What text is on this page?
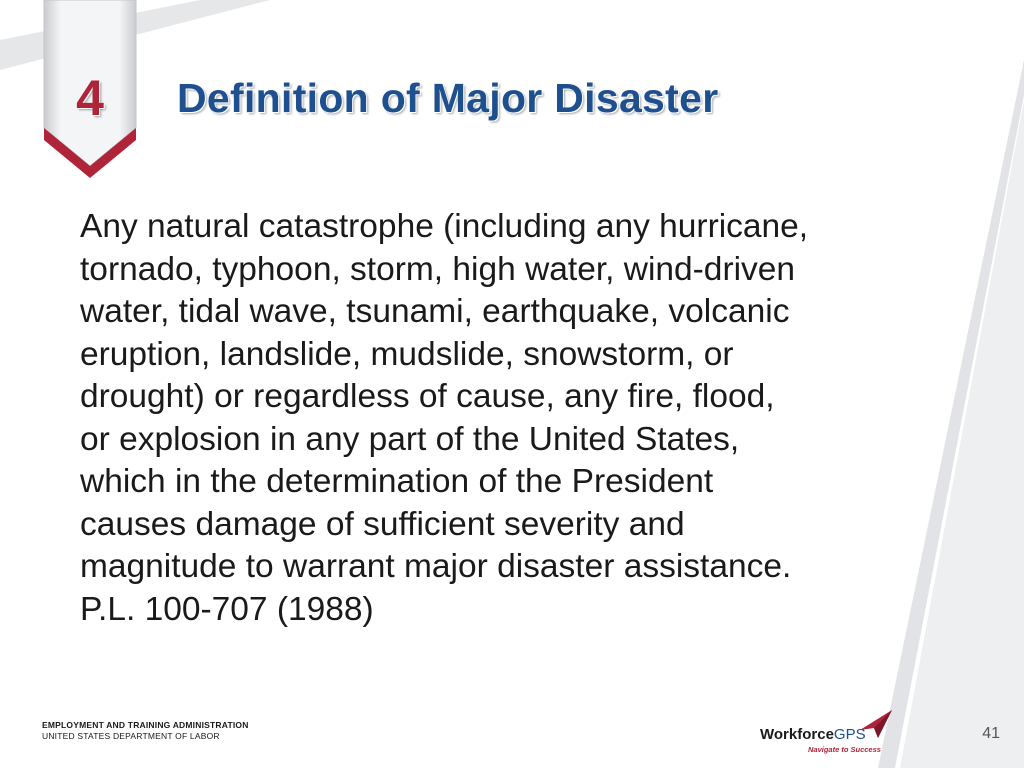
4	Definition of Major Disaster
Any natural catastrophe (including any hurricane,
tornado, typhoon, storm, high water, wind-driven
water, tidal wave, tsunami, earthquake, volcanic
eruption, landslide, mudslide, snowstorm, or
drought) or regardless of cause, any fire, flood,
or explosion in any part of the United States,
which in the determination of the President
causes damage of sufficient severity and
magnitude to warrant major disaster assistance.
P.L. 100-707 (1988)
EMPLOYMENT AND TRAINING ADMINISTRATION
UNITED STATES DEPARTMENT OF LABOR	WorkforceGPS
Navigate to Success
41
